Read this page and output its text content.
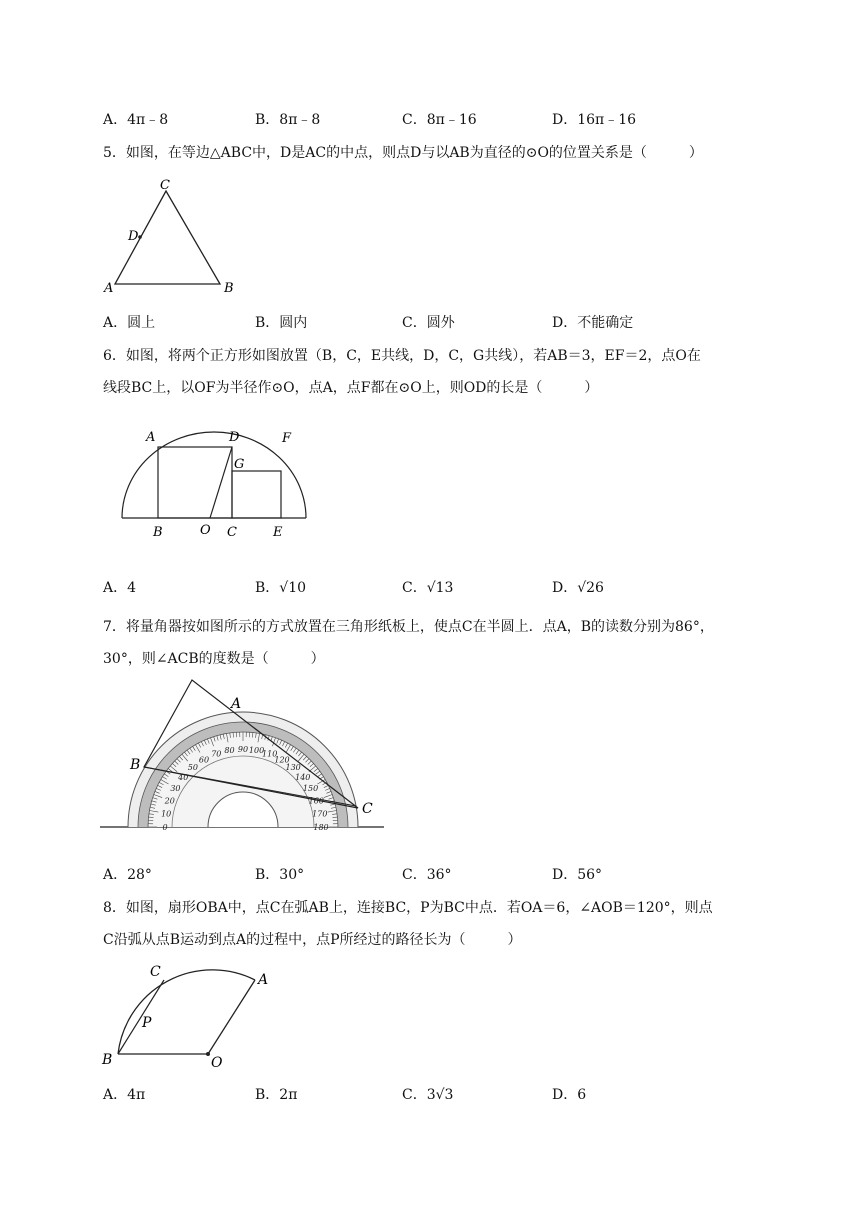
A．4π﹣8	B．8π﹣8	C．8π﹣16	D．16π﹣16
5．如图，在等边△ABC中，D是AC的中点，则点D与以AB为直径的⊙O的位置关系是（　　　）
C
D
A	B
A．圆上	B．圆内	C．圆外	D．不能确定
6．如图，将两个正方形如图放置（B，C，E共线，D，C，G共线），若AB＝3，EF＝2，点O在
线段BC上，以OF为半径作⊙O，点A，点F都在⊙O上，则OD的长是（　　　）
A	D
G
F
B	O C	E
A．4	B．√10	C．√13	D．√26
7．将量角器按如图所示的方式放置在三角形纸板上，使点C在半圆上．点A，B的读数分别为86°，
30°，则∠ACB的度数是（　　　）
0
10
20
30
40
50
60
70 80 90 100
110
120
130
140
150
160
170
180
A
B
C
A．28°	B．30°	C．36°	D．56°
8．如图，扇形OBA中，点C在弧AB上，连接BC，P为BC中点．若OA＝6，∠AOB＝120°，则点
C沿弧从点B运动到点A的过程中，点P所经过的路径长为（　　　）
C	A
P
B	O
A．4π	B．2π	C．3√3	D．6
